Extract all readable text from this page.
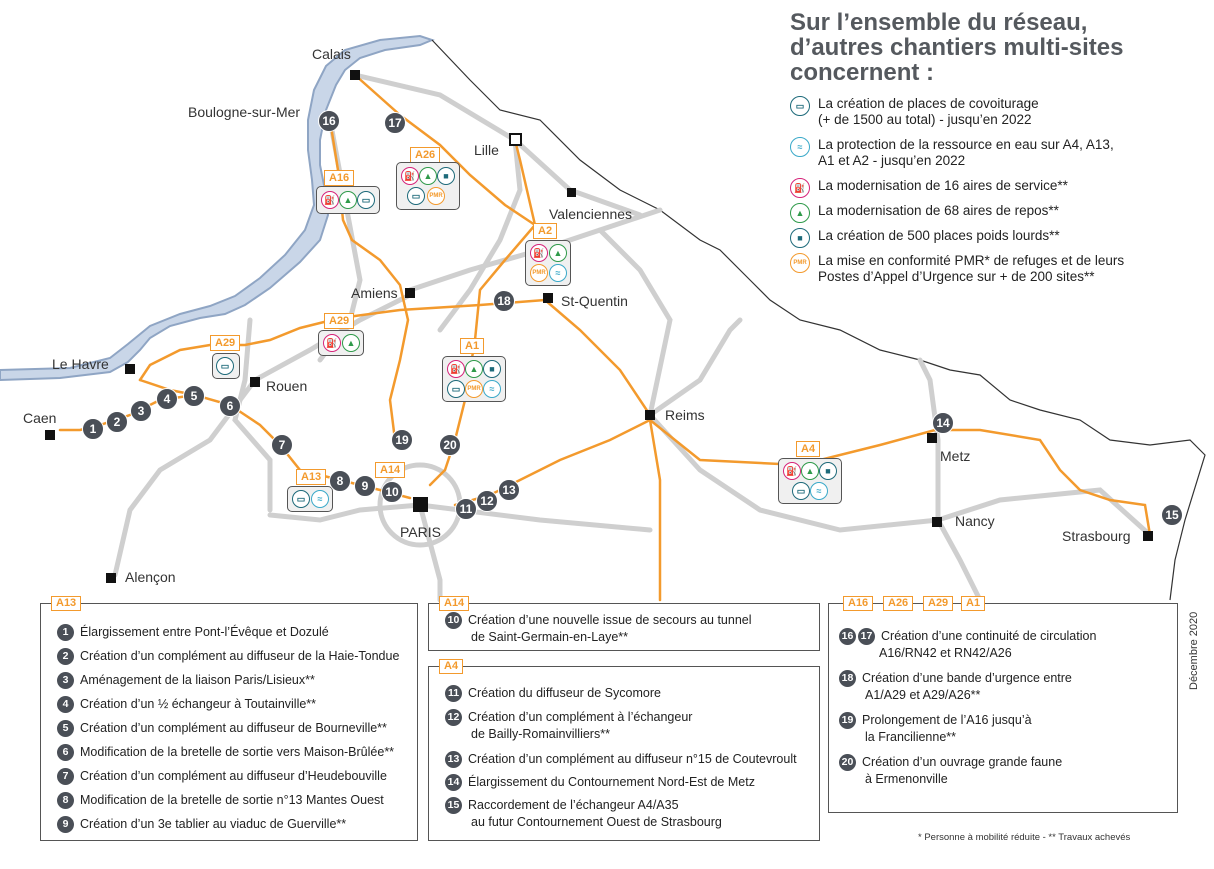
Calais
Boulogne-sur-Mer
Lille
Valenciennes
Amiens	St-Quentin
Le Havre
Rouen
Caen	Reims
Metz
Nancy
Strasbourg
PARIS
Alençon
A26
A16
A2
A29
A29	A1
A13
A14
A4
⛽ ▲	■
▭	PMR
⛽ ▲	▭
⛽ ▲
PMR	≈
⛽ ▲
▭	⛽ ▲	■
▭	PMR ≈
▭	≈
⛽ ▲	■
▭	≈
1	2
3
4	5
6
7
8	9	10
11
12
13
14
15
16	17
18
19	20
Sur l’ensemble du réseau,
d’autres chantiers multi-sites
concernent :
▭	La création de places de covoiturage
(+ de 1500 au total) - jusqu’en 2022
≈	La protection de la ressource en eau sur A4, A13,
A1 et A2 - jusqu’en 2022
⛽ La modernisation de 16 aires de service**
▲	La modernisation de 68 aires de repos**
■	La création de 500 places poids lourds**
PMR La mise en conformité PMR* de refuges et de leurs
Postes d’Appel d’Urgence sur + de 200 sites**
A13
1 Élargissement entre Pont-l’Évêque et Dozulé
2 Création d’un complément au diffuseur de la Haie-Tondue
3 Aménagement de la liaison Paris/Lisieux**
4 Création d’un ½ échangeur à Toutainville**
5 Création d’un complément au diffuseur de Bourneville**
6 Modification de la bretelle de sortie vers Maison-Brûlée**
7 Création d’un complément au diffuseur d’Heudebouville
8 Modification de la bretelle de sortie n°13 Mantes Ouest
9 Création d’un 3e tablier au viaduc de Guerville**
A14
10 Création d’une nouvelle issue de secours au tunnel
de Saint-Germain-en-Laye**
A4
11 Création du diffuseur de Sycomore
12 Création d’un complément à l’échangeur
de Bailly-Romainvilliers**
13 Création d’un complément au diffuseur n°15 de Coutevroult
14 Élargissement du Contournement Nord-Est de Metz
15 Raccordement de l’échangeur A4/A35
au futur Contournement Ouest de Strasbourg
A16	A26	A29	A1
16 17 Création d’une continuité de circulation
A16/RN42 et RN42/A26
18 Création d’une bande d’urgence entre
A1/A29 et A29/A26**
19 Prolongement de l’A16 jusqu’à
la Francilienne**
20 Création d’un ouvrage grande faune
à Ermenonville
Décembre 2020
* Personne à mobilité réduite - ** Travaux achevés
